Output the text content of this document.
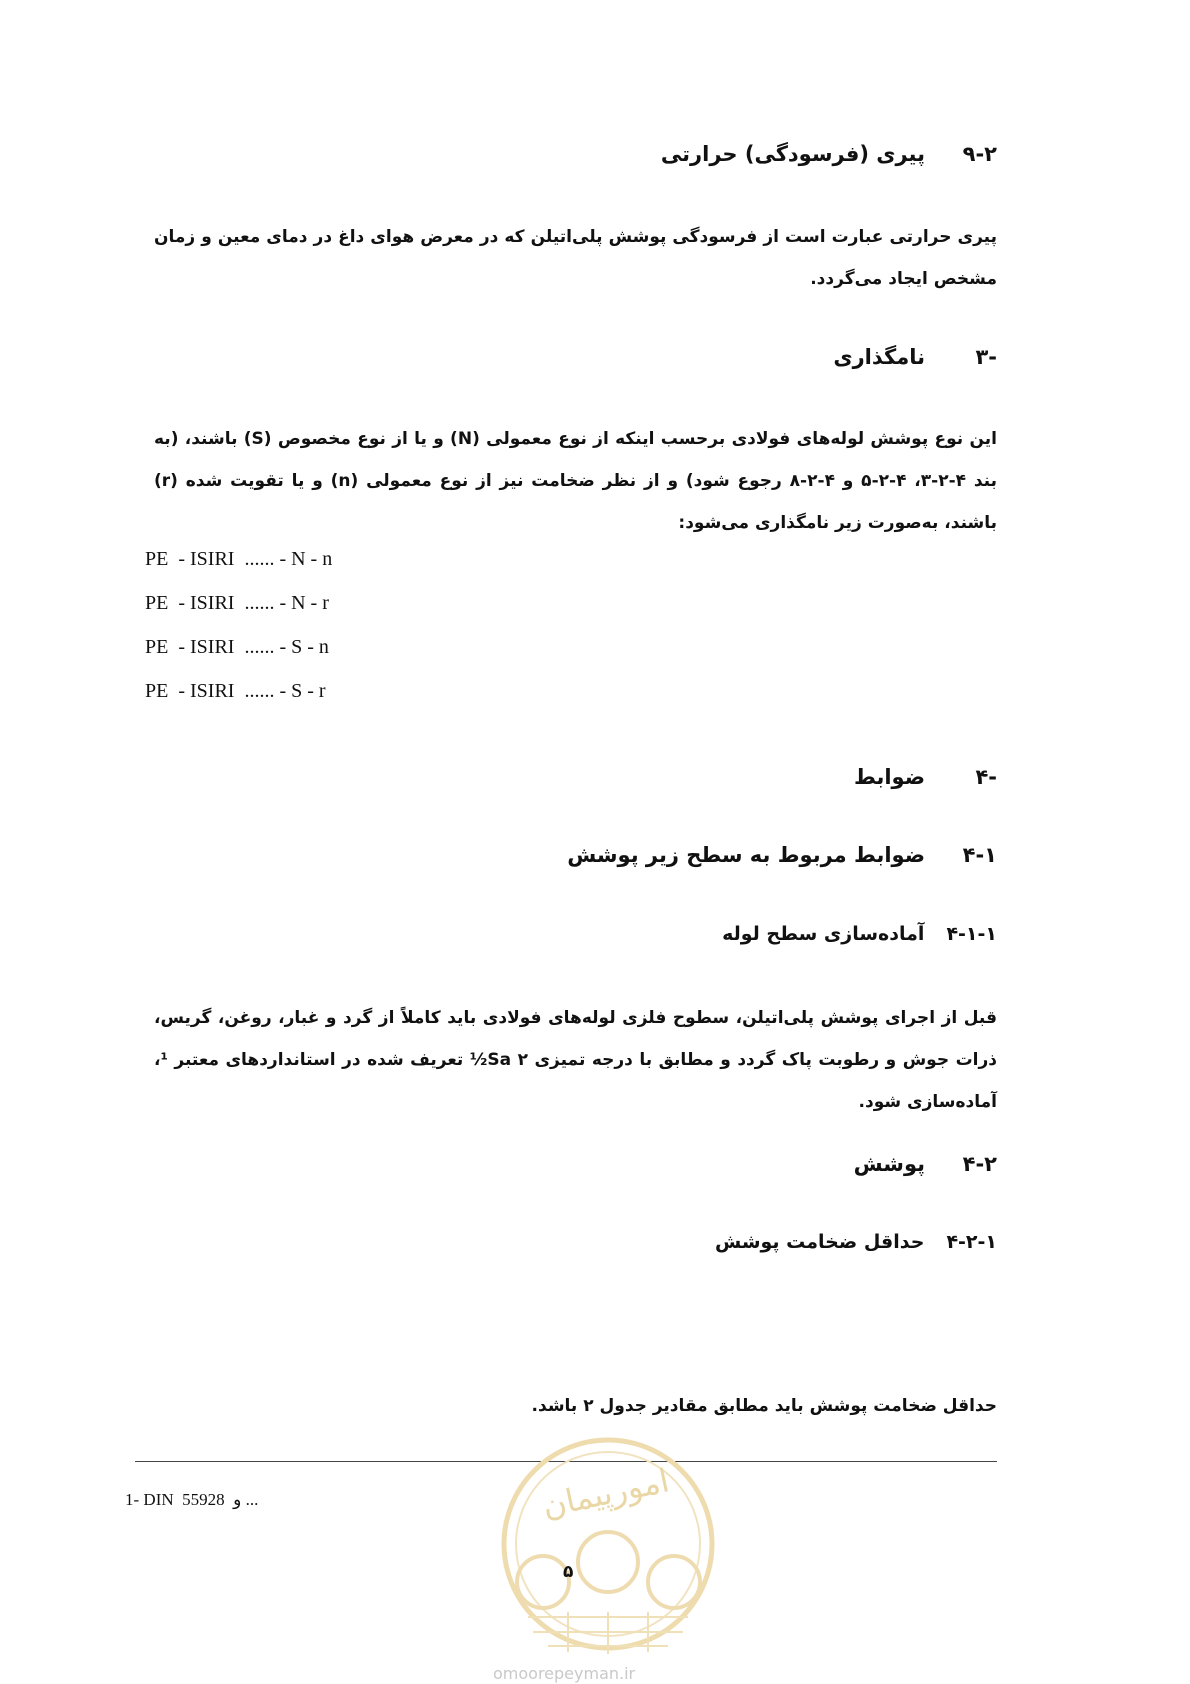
۹-۲
پیری (فرسودگی) حرارتی
پیری حرارتی عبارت است از فرسودگی پوشش پلی‌اتیلن که در معرض هوای داغ در دمای معین و زمان مشخص ایجاد می‌گردد.
-۳
نامگذاری
این نوع پوشش لوله‌های فولادی برحسب اینکه از نوع معمولی (N) و یا از نوع مخصوص (S) باشند، (به بند ۴-۲-۳، ۴-۲-۵ و ۴-۲-۸ رجوع شود) و از نظر ضخامت نیز از نوع معمولی (n) و یا تقویت شده (r) باشند، به‌صورت زیر نامگذاری می‌شود:
PE  - ISIRI  ...... - N - n
PE  - ISIRI  ...... - N - r
PE  - ISIRI  ...... - S - n
PE  - ISIRI  ...... - S - r
-۴
ضوابط
۴-۱
ضوابط مربوط به سطح زیر پوشش
۴-۱-۱
آماده‌سازی سطح لوله
قبل از اجرای پوشش پلی‌اتیلن، سطوح فلزی لوله‌های فولادی باید کاملاً از گرد و غبار، روغن، گریس، ذرات جوش و رطوبت پاک گردد و مطابق با درجه تمیزی Sa ۲½ تعریف شده در استانداردهای معتبر ¹، آماده‌سازی شود.
۴-۲
پوشش
۴-۲-۱
حداقل ضخامت پوشش
حداقل ضخامت پوشش باید مطابق مقادیر جدول ۲ باشد.
1- DIN  55928  و ...	امورپیمان
۵
omoorepeyman.ir
